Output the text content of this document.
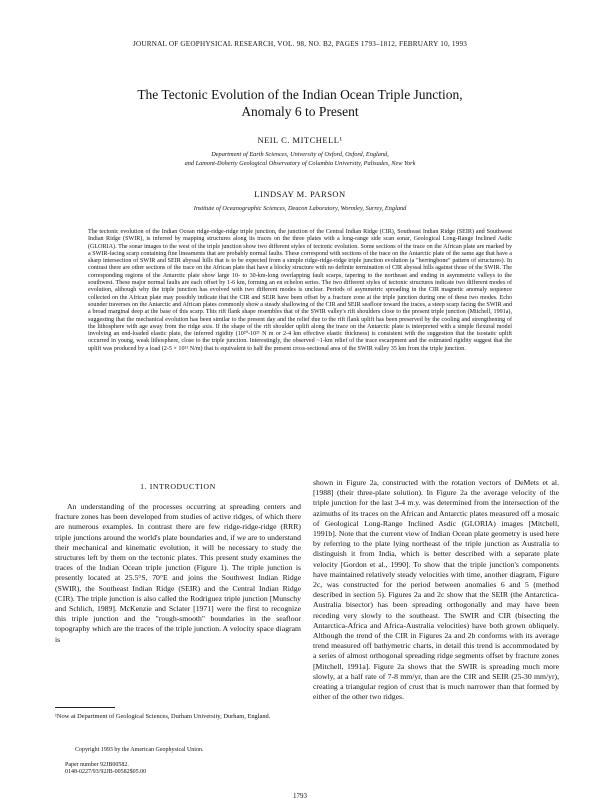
JOURNAL OF GEOPHYSICAL RESEARCH, VOL. 98, NO. B2, PAGES 1793–1812, FEBRUARY 10, 1993
The Tectonic Evolution of the Indian Ocean Triple Junction,
Anomaly 6 to Present
NEIL C. MITCHELL¹
Department of Earth Sciences, University of Oxford, Oxford, England,
and Lamont-Doherty Geological Observatory of Columbia University, Palisades, New York
LINDSAY M. PARSON
Institute of Oceanographic Sciences, Deacon Laboratory, Wormley, Surrey, England

The tectonic evolution of the Indian Ocean ridge-ridge-ridge triple junction, the junction of the Central Indian Ridge (CIR), Southeast Indian Ridge (SEIR) and Southwest Indian Ridge (SWIR), is inferred by mapping structures along its traces on the three plates with a long-range side scan sonar, Geological Long-Range Inclined Asdic (GLORIA). The sonar images to the west of the triple junction show two different styles of tectonic evolution. Some sections of the trace on the African plate are marked by a SWIR-facing scarp containing fine lineaments that are probably normal faults. These correspond with sections of the trace on the Antarctic plate of the same age that have a sharp intersection of SWIR and SEIR abyssal hills that is to be expected from a simple ridge-ridge-ridge triple junction evolution (a "herringbone" pattern of structures). In contrast there are other sections of the trace on the African plate that have a blocky structure with no definite termination of CIR abyssal hills against those of the SWIR. The corresponding regions of the Antarctic plate show large 10- to 30-km-long overlapping fault scarps, tapering to the northeast and ending in asymmetric valleys to the southwest. These major normal faults are each offset by 1-6 km, forming an en echelon series. The two different styles of tectonic structures indicate two different modes of evolution, although why the triple junction has evolved with two different modes is unclear. Periods of asymmetric spreading in the CIR magnetic anomaly sequence collected on the African plate may possibly indicate that the CIR and SEIR have been offset by a fracture zone at the triple junction during one of these two modes. Echo sounder traverses on the Antarctic and African plates commonly show a steady shallowing of the CIR and SEIR seafloor toward the traces, a steep scarp facing the SWIR and a broad marginal deep at the base of this scarp. This rift flank shape resembles that of the SWIR valley's rift shoulders close to the present triple junction (Mitchell, 1991a), suggesting that the mechanical evolution has been similar to the present day and the relief due to the rift flank uplift has been preserved by the cooling and strengthening of the lithosphere with age away from the ridge axis. If the shape of the rift shoulder uplift along the trace on the Antarctic plate is interpreted with a simple flexural model involving an end-loaded elastic plate, the inferred rigidity (10²⁰-10²¹ N m or 2-4 km effective elastic thickness) is consistent with the suggestion that the isostatic uplift occurred in young, weak lithosphere, close to the triple junction. Interestingly, the observed ~1-km relief of the trace escarpment and the estimated rigidity suggest that the uplift was produced by a load (2-5 × 10¹¹ N/m) that is equivalent to half the present cross-sectional area of the SWIR valley 35 km from the triple junction.

1. INTRODUCTION

An understanding of the processes occurring at spreading centers and fracture zones has been developed from studies of active ridges, of which there are numerous examples. In contrast there are few ridge-ridge-ridge (RRR) triple junctions around the world's plate boundaries and, if we are to understand their mechanical and kinematic evolution, it will be necessary to study the structures left by them on the tectonic plates. This present study examines the traces of the Indian Ocean triple junction (Figure 1). The triple junction is presently located at 25.5°S, 70°E and joins the Southwest Indian Ridge (SWIR), the Southeast Indian Ridge (SEIR) and the Central Indian Ridge (CIR). The triple junction is also called the Rodriguez triple junction [Munschy and Schlich, 1989]. McKenzie and Sclater [1971] were the first to recognize this triple junction and the "rough-smooth" boundaries in the seafloor topography which are the traces of the triple junction. A velocity space diagram is

shown in Figure 2a, constructed with the rotation vectors of DeMets et al. [1988] (their three-plate solution). In Figure 2a the average velocity of the triple junction for the last 3-4 m.y. was determined from the intersection of the azimuths of its traces on the African and Antarctic plates measured off a mosaic of Geological Long-Range Inclined Asdic (GLORIA) images [Mitchell, 1991b]. Note that the current view of Indian Ocean plate geometry is used here by referring to the plate lying northeast of the triple junction as Australia to distinguish it from India, which is better described with a separate plate velocity [Gordon et al., 1990]. To show that the triple junction's components have maintained relatively steady velocities with time, another diagram, Figure 2c, was constructed for the period between anomalies 6 and 5 (method described in section 5). Figures 2a and 2c show that the SEIR (the Antarctica-Australia bisector) has been spreading orthogonally and may have been receding very slowly to the southeast. The SWIR and CIR (bisecting the Antarctica-Africa and Africa-Australia velocities) have both grown obliquely. Although the trend of the CIR in Figures 2a and 2b conforms with its average trend measured off bathymetric charts, in detail this trend is accommodated by a series of almost orthogonal spreading ridge segments offset by fracture zones [Mitchell, 1991a]. Figure 2a shows that the SWIR is spreading much more slowly, at a half rate of 7-8 mm/yr, than are the CIR and SEIR (25-30 mm/yr), creating a triangular region of crust that is much narrower than that formed by either of the other two ridges.

¹Now at Department of Geological Sciences, Durham University, Durham, England.
Copyright 1993 by the American Geophysical Union.
Paper number 92JB00582.
0148-0227/93/92JB-00582$05.00
1793
